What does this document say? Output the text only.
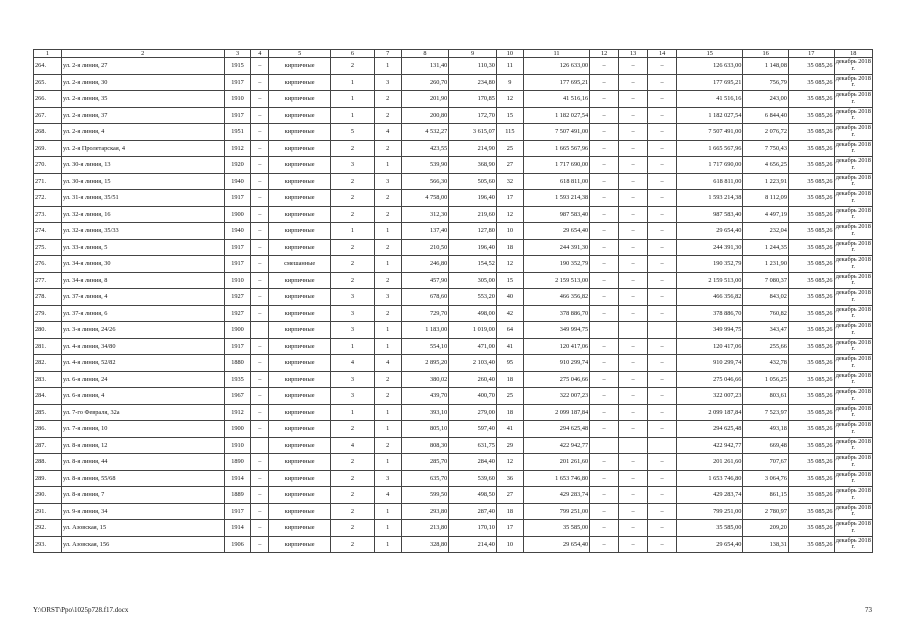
1	2	3	4	5	6	7	8	9	10	11	12	13	14	15	16	17	18
264.	ул. 2-я линия, 27	1915	–	кирпичные	2	1	131,40	110,30	11	126 633,00	–	–	–	126 633,00	1 148,08	35 085,26	декабрь 2018 г.
265.	ул. 2-я линия, 30	1917	–	кирпичные	1	3	260,70	234,80	9	177 695,21	–	–	–	177 695,21	756,79	35 085,26	декабрь 2018 г.
266.	ул. 2-я линия, 35	1910	–	кирпичные	1	2	201,90	170,85	12	41 516,16	–	–	–	41 516,16	243,00	35 085,26	декабрь 2018 г.
267.	ул. 2-я линия, 37	1917	–	кирпичные	1	2	200,80	172,70	15	1 182 027,54	–	–	–	1 182 027,54	6 844,40	35 085,26	декабрь 2018 г.
268.	ул. 2-я линия, 4	1951	–	кирпичные	5	4	4 532,27	3 615,07	115	7 507 491,00	–	–	–	7 507 491,00	2 076,72	35 085,26	декабрь 2018 г.
269.	ул. 2-я Пролетарская, 4	1912	–	кирпичные	2	2	423,55	214,90	25	1 665 567,96	–	–	–	1 665 567,96	7 750,43	35 085,26	декабрь 2018 г.
270.	ул. 30-я линия, 13	1920	–	кирпичные	3	1	539,90	368,90	27	1 717 690,00	–	–	–	1 717 690,00	4 656,25	35 085,26	декабрь 2018 г.
271.	ул. 30-я линия, 15	1940	–	кирпичные	2	3	566,30	505,60	32	618 811,00	–	–	–	618 811,00	1 223,91	35 085,26	декабрь 2018 г.
272.	ул. 31-я линия, 35/51	1917	–	кирпичные	2	2	4 758,00	196,40	17	1 593 214,38	–	–	–	1 593 214,38	8 112,09	35 085,26	декабрь 2018 г.
273.	ул. 32-я линия, 16	1900	–	кирпичные	2	2	312,30	219,60	12	987 583,40	–	–	–	987 583,40	4 497,19	35 085,26	декабрь 2018 г.
274.	ул. 32-я линия, 35/33	1940	–	кирпичные	1	1	137,40	127,80	10	29 654,40	–	–	–	29 654,40	232,04	35 085,26	декабрь 2018 г.
275.	ул. 33-я линия, 5	1917	–	кирпичные	2	2	210,50	196,40	18	244 391,30	–	–	–	244 391,30	1 244,35	35 085,26	декабрь 2018 г.
276.	ул. 34-я линия, 30	1917	–	смешанные	2	1	246,80	154,52	12	190 352,79	–	–	–	190 352,79	1 231,90	35 085,26	декабрь 2018 г.
277.	ул. 34-я линия, 8	1910	–	кирпичные	2	2	457,90	305,00	15	2 159 513,00	–	–	–	2 159 513,00	7 080,37	35 085,26	декабрь 2018 г.
278.	ул. 37-я линия, 4	1927	–	кирпичные	3	3	678,60	553,20	40	466 356,82	–	–	–	466 356,82	843,02	35 085,26	декабрь 2018 г.
279.	ул. 37-я линия, 6	1927	–	кирпичные	3	2	729,70	498,00	42	378 886,70	–	–	–	378 886,70	760,82	35 085,26	декабрь 2018 г.
280.	ул. 3-я линия, 24/26	1900		кирпичные	3	1	1 183,00	1 019,00	64	349 994,75				349 994,75	343,47	35 085,26	декабрь 2018 г.
281.	ул. 4-я линия, 34/80	1917	–	кирпичные	1	1	554,10	471,00	41	120 417,06	–	–	–	120 417,06	255,66	35 085,26	декабрь 2018 г.
282.	ул. 4-я линия, 52/82	1880	–	кирпичные	4	4	2 895,20	2 103,40	95	910 299,74	–	–	–	910 299,74	432,78	35 085,26	декабрь 2018 г.
283.	ул. 6-я линия, 24	1935	–	кирпичные	3	2	380,02	260,40	18	275 046,66	–	–	–	275 046,66	1 056,25	35 085,26	декабрь 2018 г.
284.	ул. 6-я линия, 4	1967	–	кирпичные	3	2	439,70	400,70	25	322 007,23	–	–	–	322 007,23	803,61	35 085,26	декабрь 2018 г.
285.	ул. 7-го Февраля, 32а	1912	–	кирпичные	1	1	393,10	279,00	18	2 099 187,84	–	–	–	2 099 187,84	7 523,97	35 085,26	декабрь 2018 г.
286.	ул. 7-я линия, 10	1900	–	кирпичные	2	1	805,10	597,40	41	294 625,48	–	–	–	294 625,48	493,18	35 085,26	декабрь 2018 г.
287.	ул. 8-я линия, 12	1910		кирпичные	4	2	808,30	631,75	29	422 942,77				422 942,77	669,48	35 085,26	декабрь 2018 г.
288.	ул. 8-я линия, 44	1890	–	кирпичные	2	1	285,70	284,40	12	201 261,60	–	–	–	201 261,60	707,67	35 085,26	декабрь 2018 г.
289.	ул. 8-я линия, 55/68	1914	–	кирпичные	2	3	635,70	539,60	36	1 653 746,80	–	–	–	1 653 746,80	3 064,76	35 085,26	декабрь 2018 г.
290.	ул. 8-я линия, 7	1889	–	кирпичные	2	4	599,50	498,50	27	429 283,74	–	–	–	429 283,74	861,15	35 085,26	декабрь 2018 г.
291.	ул. 9-я линия, 34	1917	–	кирпичные	2	1	293,80	287,40	18	799 251,00	–	–	–	799 251,00	2 780,97	35 085,26	декабрь 2018 г.
292.	ул. Азовская, 15	1914	–	кирпичные	2	1	213,80	170,10	17	35 585,00	–	–	–	35 585,00	209,20	35 085,26	декабрь 2018 г.
293.	ул. Азовская, 156	1906	–	кирпичные	2	1	328,80	214,40	10	29 654,40	–	–	–	29 654,40	138,31	35 085,26	декабрь 2018 г.
Y:\ORST\Ppo\1025p728.f17.docx	73
